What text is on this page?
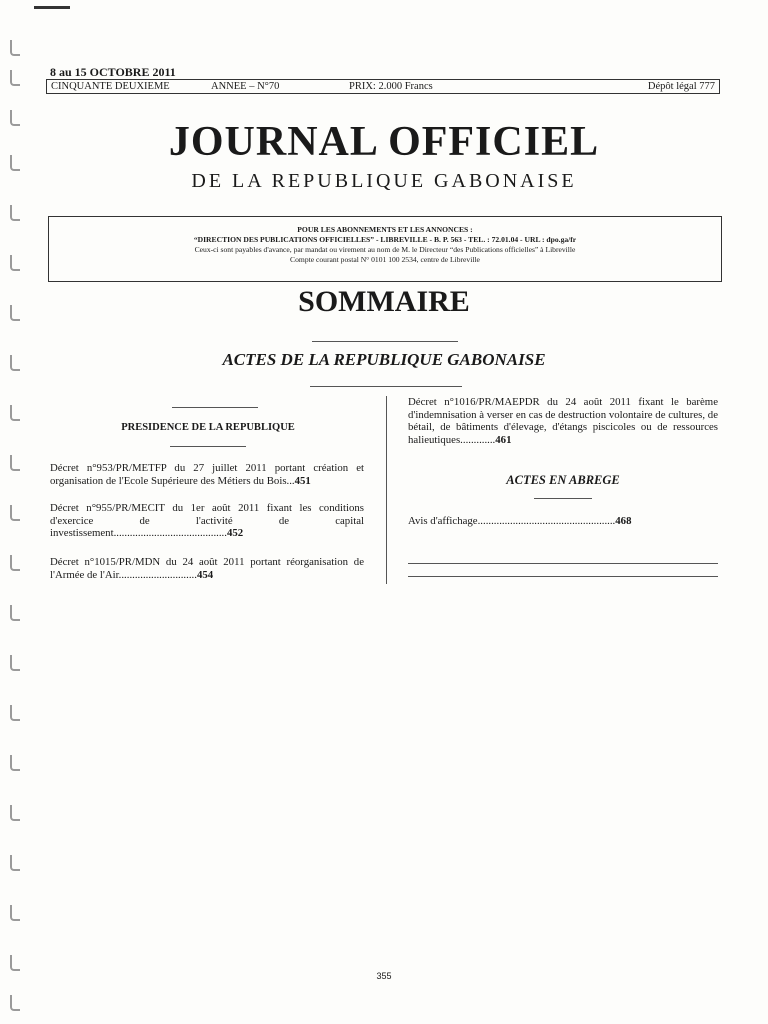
8 au 15 OCTOBRE 2011
CINQUANTE DEUXIEME	ANNEE – N°70	PRIX: 2.000 Francs	Dépôt légal 777
JOURNAL OFFICIEL
DE LA REPUBLIQUE GABONAISE
POUR LES ABONNEMENTS ET LES ANNONCES :
“DIRECTION DES PUBLICATIONS OFFICIELLES” - LIBREVILLE - B. P. 563 - TEL. : 72.01.04 - URL : dpo.ga/fr
Ceux-ci sont payables d'avance, par mandat ou virement au nom de M. le Directeur “des Publications officielles” à Libreville
Compte courant postal N° 0101 100 2534, centre de Libreville
SOMMAIRE
ACTES DE LA REPUBLIQUE GABONAISE
PRESIDENCE DE LA REPUBLIQUE
Décret n°953/PR/METFP du 27 juillet 2011 portant création et organisation de l'Ecole Supérieure des Métiers du Bois...451
Décret n°955/PR/MECIT du 1er août 2011 fixant les conditions d'exercice de l'activité de capital investissement..........................................452
Décret n°1015/PR/MDN du 24 août 2011 portant réorganisation de l'Armée de l'Air.............................454
Décret n°1016/PR/MAEPDR du 24 août 2011 fixant le barème d'indemnisation à verser en cas de destruction volontaire de cultures, de bétail, de bâtiments d'élevage, d'étangs piscicoles ou de ressources halieutiques.............461
ACTES EN ABREGE
Avis d'affichage...................................................468
355
